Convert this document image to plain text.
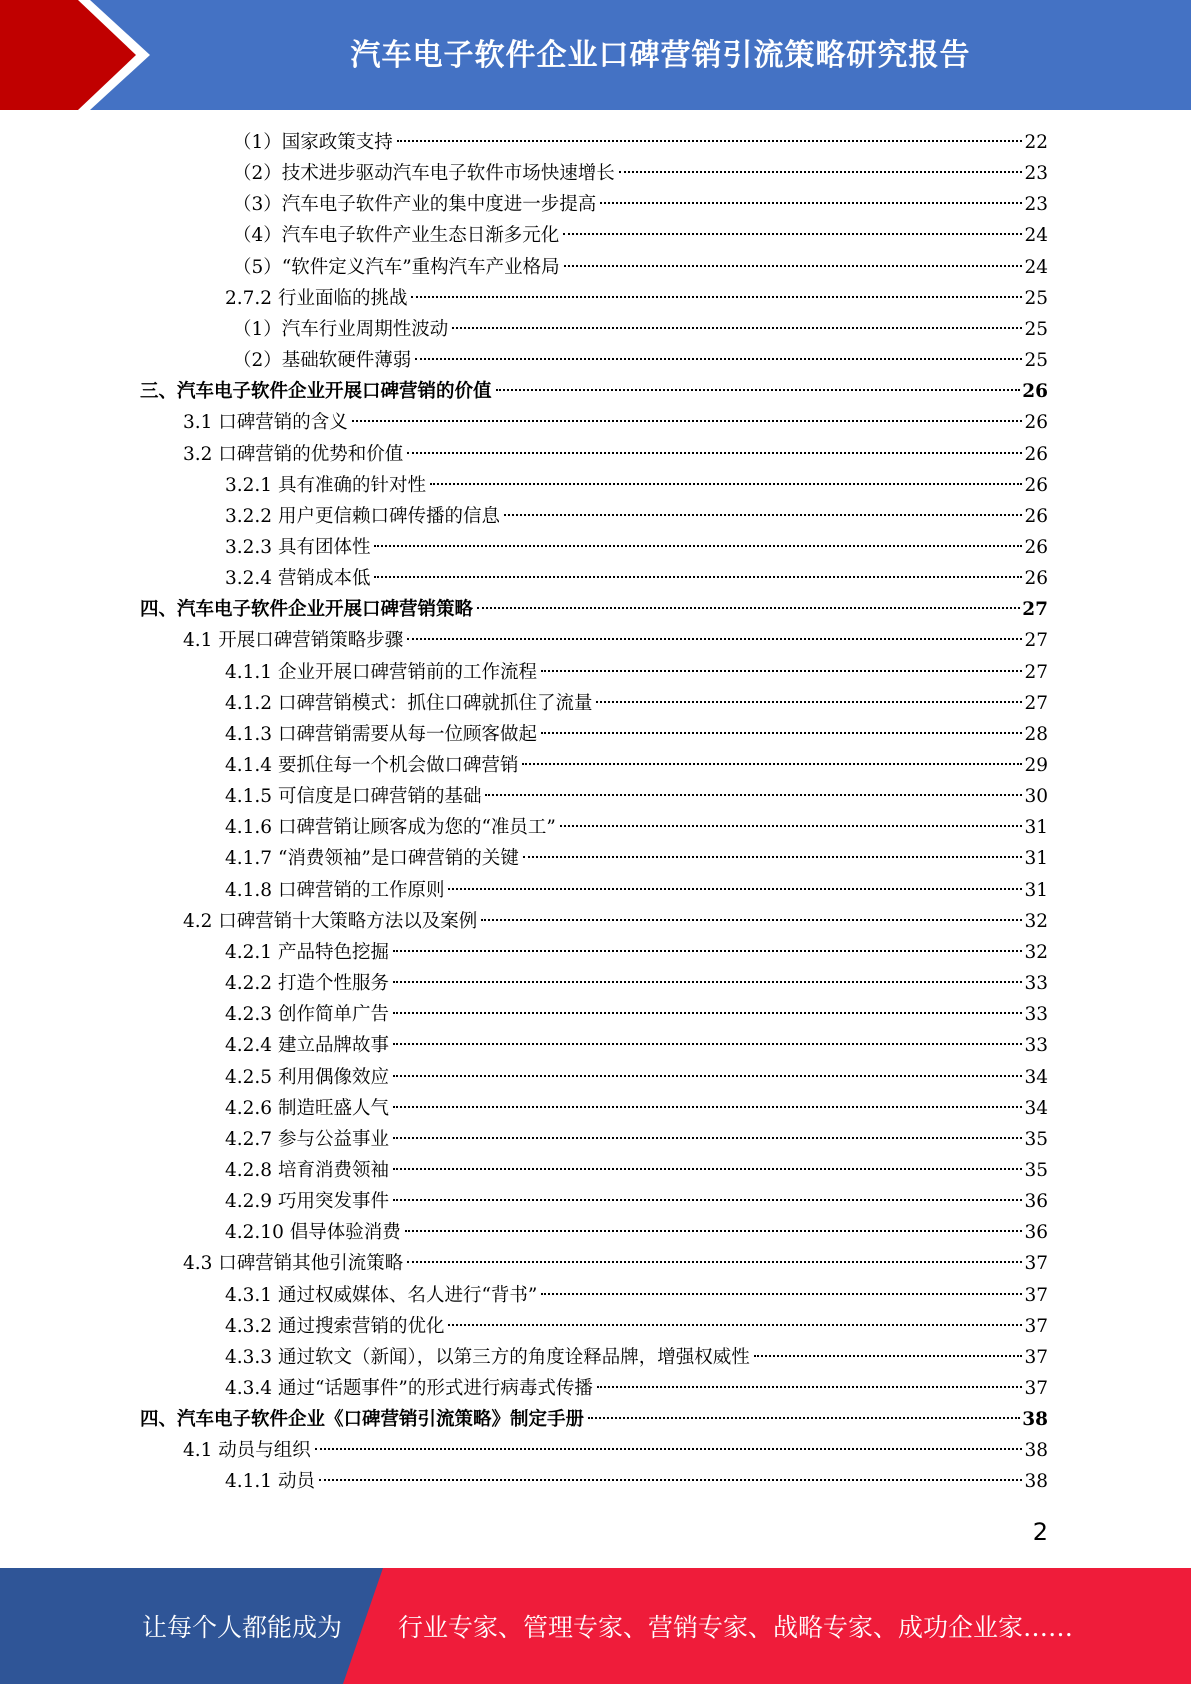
汽车电子软件企业口碑营销引流策略研究报告
（1）国家政策支持	22
（2）技术进步驱动汽车电子软件市场快速增长	23
（3）汽车电子软件产业的集中度进一步提高	23
（4）汽车电子软件产业生态日渐多元化	24
（5）“软件定义汽车”重构汽车产业格局	24
2.7.2 行业面临的挑战	25
（1）汽车行业周期性波动	25
（2）基础软硬件薄弱	25
三、汽车电子软件企业开展口碑营销的价值	26
3.1 口碑营销的含义	26
3.2 口碑营销的优势和价值	26
3.2.1 具有准确的针对性	26
3.2.2 用户更信赖口碑传播的信息	26
3.2.3 具有团体性	26
3.2.4 营销成本低	26
四、汽车电子软件企业开展口碑营销策略	27
4.1 开展口碑营销策略步骤	27
4.1.1 企业开展口碑营销前的工作流程	27
4.1.2 口碑营销模式：抓住口碑就抓住了流量	27
4.1.3 口碑营销需要从每一位顾客做起	28
4.1.4 要抓住每一个机会做口碑营销	29
4.1.5 可信度是口碑营销的基础	30
4.1.6 口碑营销让顾客成为您的“准员工”	31
4.1.7 “消费领袖”是口碑营销的关键	31
4.1.8 口碑营销的工作原则	31
4.2 口碑营销十大策略方法以及案例	32
4.2.1 产品特色挖掘	32
4.2.2 打造个性服务	33
4.2.3 创作简单广告	33
4.2.4 建立品牌故事	33
4.2.5 利用偶像效应	34
4.2.6 制造旺盛人气	34
4.2.7 参与公益事业	35
4.2.8 培育消费领袖	35
4.2.9 巧用突发事件	36
4.2.10 倡导体验消费	36
4.3 口碑营销其他引流策略	37
4.3.1 通过权威媒体、名人进行“背书”	37
4.3.2 通过搜索营销的优化	37
4.3.3 通过软文（新闻），以第三方的角度诠释品牌，增强权威性	37
4.3.4 通过“话题事件”的形式进行病毒式传播	37
四、汽车电子软件企业《口碑营销引流策略》制定手册	38
4.1 动员与组织	38
4.1.1 动员	38
2
让每个人都能成为 行业专家、管理专家、营销专家、战略专家、成功企业家……
